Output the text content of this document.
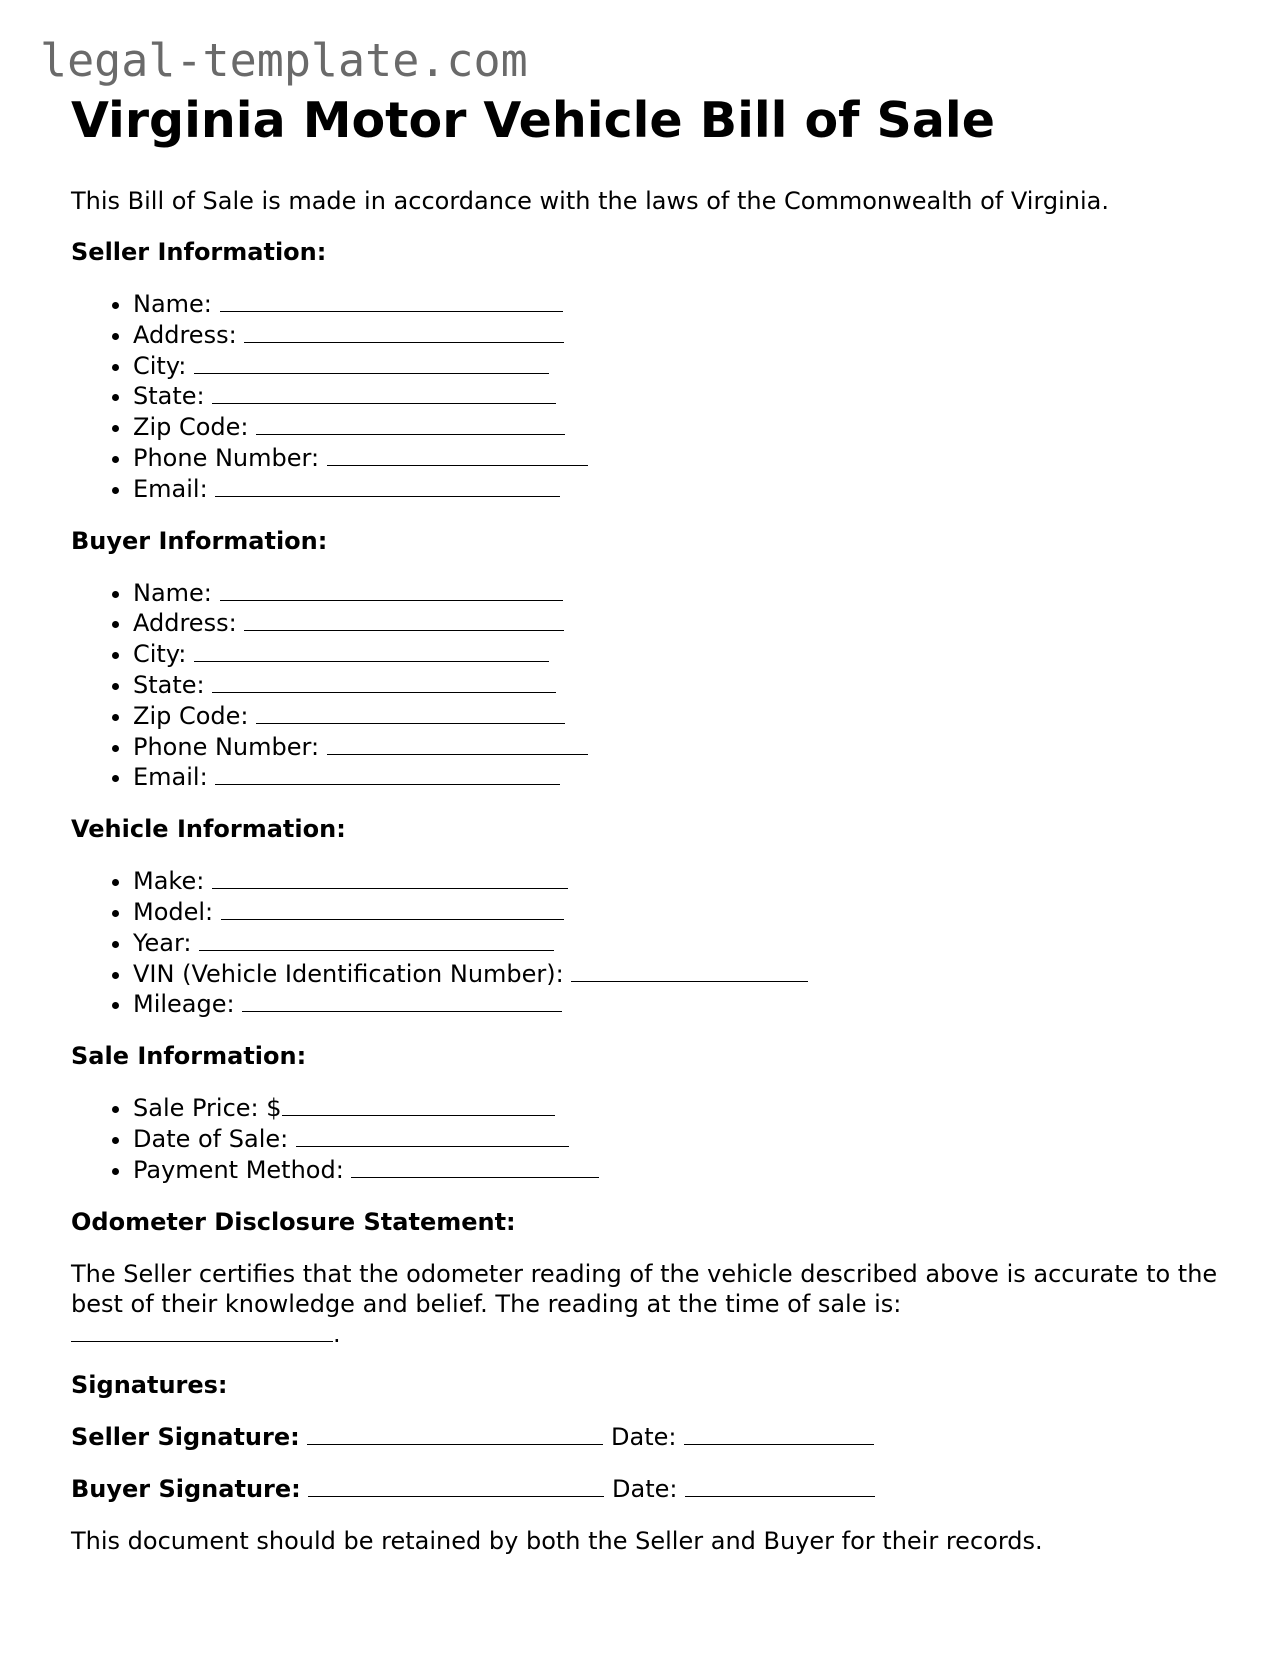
legal-template.com
Virginia Motor Vehicle Bill of Sale

This Bill of Sale is made in accordance with the laws of the Commonwealth of Virginia.

Seller Information:
• Name:
• Address:
• City:
• State:
• Zip Code:
• Phone Number:
• Email:
Buyer Information:
• Name:
• Address:
• City:
• State:
• Zip Code:
• Phone Number:
• Email:
Vehicle Information:
• Make:
• Model:
• Year:
• VIN (Vehicle Identification Number):
• Mileage:
Sale Information:
• Sale Price: $
• Date of Sale:
• Payment Method:
Odometer Disclosure Statement:

The Seller certifies that the odometer reading of the vehicle described above is accurate to the best of their knowledge and belief. The reading at the time of sale is:
.

Signatures:
Seller Signature:	Date:
Buyer Signature:	Date:

This document should be retained by both the Seller and Buyer for their records.
